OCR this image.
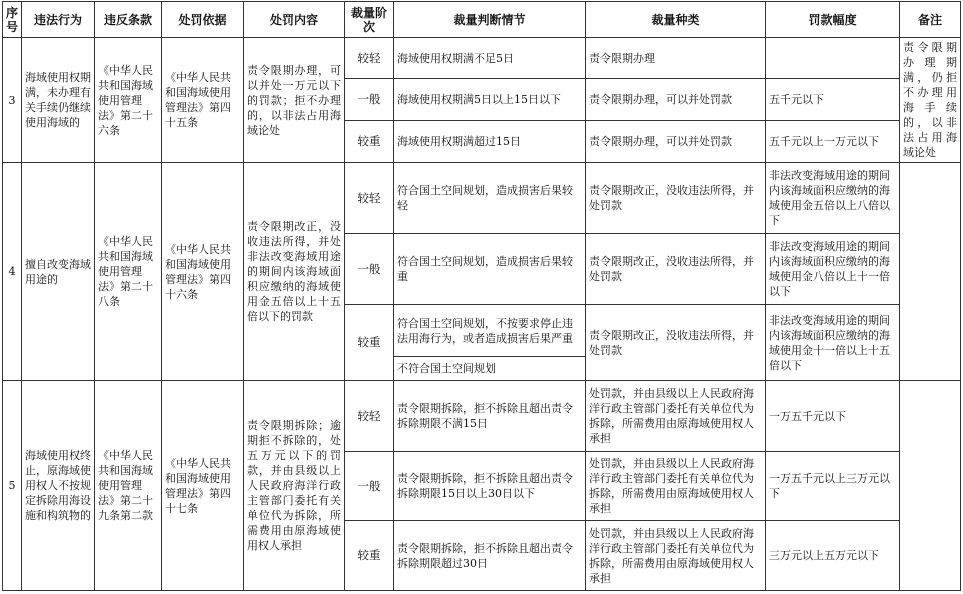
序号	违法行为	违反条款	处罚依据	处罚内容	裁量阶次	裁量判断情节	裁量种类	罚款幅度	备注
3	海域使用权期满，未办理有关手续仍继续使用海域的	《中华人民共和国海域使用管理法》第二十六条	《中华人民共和国海域使用管理法》第四十五条	责令限期办理，可以并处一万元以下的罚款；拒不办理的，以非法占用海域论处	较轻	海域使用权期满不足5日	责令限期办理		责令限期办理期满，仍拒不办理用海手续的，以非法占用海域论处
					一般	海域使用权期满5日以上15日以下	责令限期办理，可以并处罚款	五千元以下	
					较重	海域使用权期满超过15日	责令限期办理，可以并处罚款	五千元以上一万元以下	
4	擅自改变海域用途的	《中华人民共和国海域使用管理法》第二十八条	《中华人民共和国海域使用管理法》第四十六条	责令限期改正，没收违法所得，并处非法改变海域用途的期间内该海域面积应缴纳的海域使用金五倍以上十五倍以下的罚款	较轻	符合国土空间规划，造成损害后果较轻	责令限期改正，没收违法所得，并处罚款	非法改变海域用途的期间内该海域面积应缴纳的海域使用金五倍以上八倍以下	
					一般	符合国土空间规划，造成损害后果较重	责令限期改正，没收违法所得，并处罚款	非法改变海域用途的期间内该海域面积应缴纳的海域使用金八倍以上十一倍以下	
					较重	符合国土空间规划，不按要求停止违法用海行为，或者造成损害后果严重	责令限期改正，没收违法所得，并处罚款	非法改变海域用途的期间内该海域面积应缴纳的海域使用金十一倍以上十五倍以下	
						不符合国土空间规划			
5	海域使用权终止，原海域使用权人不按规定拆除用海设施和构筑物的	《中华人民共和国海域使用管理法》第二十九条第二款	《中华人民共和国海域使用管理法》第四十七条	责令限期拆除；逾期拒不拆除的，处五万元以下的罚款，并由县级以上人民政府海洋行政主管部门委托有关单位代为拆除，所需费用由原海域使用权人承担	较轻	责令限期拆除，拒不拆除且超出责令拆除期限不满15日	处罚款，并由县级以上人民政府海洋行政主管部门委托有关单位代为拆除，所需费用由原海域使用权人承担	一万五千元以下	
					一般	责令限期拆除，拒不拆除且超出责令拆除期限15日以上30日以下	处罚款，并由县级以上人民政府海洋行政主管部门委托有关单位代为拆除，所需费用由原海域使用权人承担	一万五千元以上三万元以下	
					较重	责令限期拆除，拒不拆除且超出责令拆除期限超过30日	处罚款，并由县级以上人民政府海洋行政主管部门委托有关单位代为拆除，所需费用由原海域使用权人承担	三万元以上五万元以下	
